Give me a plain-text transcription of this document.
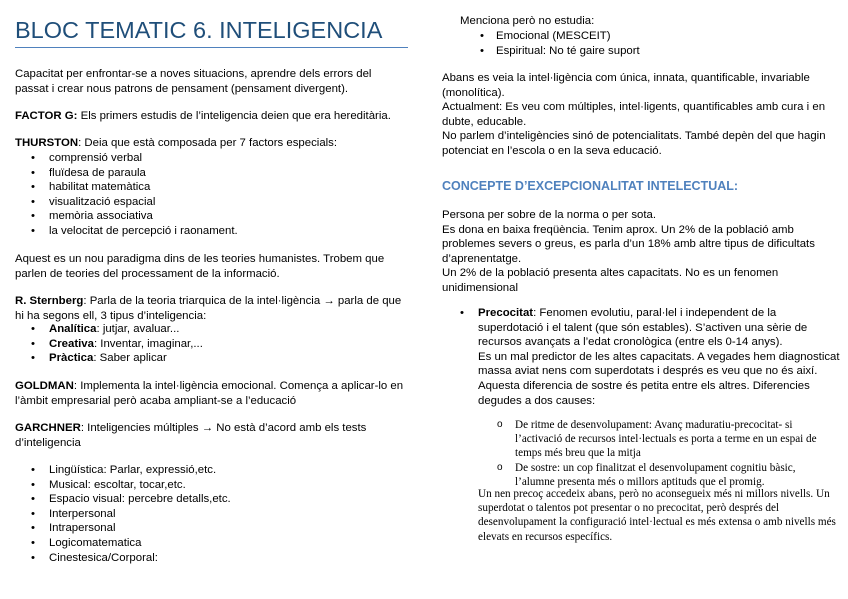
BLOC TEMATIC 6. INTELIGENCIA

Capacitat per enfrontar-se a noves situacions, aprendre dels errors del passat i crear nous patrons de pensament (pensament divergent).

FACTOR G: Els primers estudis de l’inteligencia deien que era hereditària.

THURSTON: Deia que està composada per 7 factors especials:

• comprensió verbal
• fluïdesa de paraula
• habilitat matemàtica
• visualització espacial
• memòria associativa
• la velocitat de percepció i raonament.

Aquest es un nou paradigma dins de les teories humanistes. Trobem que parlen de teories del processament de la informació.

R. Sternberg: Parla de la teoria triarquica de la intel·ligència → parla de que hi ha segons ell, 3 tipus d’inteligencia:

• Analítica: jutjar, avaluar...
• Creativa: Inventar, imaginar,...
• Pràctica: Saber aplicar

GOLDMAN: Implementa la intel·ligència emocional. Comença a aplicar-lo en l’àmbit empresarial però acaba ampliant-se a l’educació

GARCHNER: Inteligencies múltiples → No està d’acord amb els tests d’inteligencia

• Lingüística: Parlar, expressió,etc.
• Musical: escoltar, tocar,etc.
• Espacio visual: percebre detalls,etc.
• Interpersonal
• Intrapersonal
• Logicomatematica
• Cinestesica/Corporal:

Menciona però no estudia:

• Emocional (MESCEIT)
• Espiritual: No té gaire suport

Abans es veia la intel·ligència com única, innata, quantificable, invariable (monolítica).
Actualment: Es veu com múltiples, intel·ligents, quantificables amb cura i en dubte, educable.
No parlem d’inteligències sinó de potencialitats. També depèn del que hagin potenciat en l’escola o en la seva educació.

CONCEPTE D’EXCEPCIONALITAT INTELECTUAL:

Persona per sobre de la norma o per sota.
Es dona en baixa freqüència. Tenim aprox. Un 2% de la població amb problemes severs o greus, es parla d’un 18% amb altre tipus de dificultats d’aprenentatge.
Un 2% de la població presenta altes capacitats. No es un fenomen unidimensional

• Precocitat: Fenomen evolutiu, paral·lel i independent de la superdotació i el talent (que són estables). S’activen una sèrie de recursos avançats a l’edat cronològica (entre els 0-14 anys).
Es un mal predictor de les altes capacitats. A vegades hem diagnosticat massa aviat nens com superdotats i després es veu que no és així.
Aquesta diferencia de sostre és petita entre els altres. Diferencies degudes a dos causes:
o De ritme de desenvolupament: Avanç maduratiu-precocitat- si l’activació de recursos intel·lectuals es porta a terme en un espai de temps més breu que la mitja
o De sostre: un cop finalitzat el desenvolupament cognitiu bàsic, l’alumne presenta més o millors aptituds que el promig.

Un nen precoç accedeix abans, però no aconsegueix més ni millors nivells. Un superdotat o talentos pot presentar o no precocitat, però després del desenvolupament la configuració intel·lectual es més extensa o amb nivells més elevats en recursos específics.
